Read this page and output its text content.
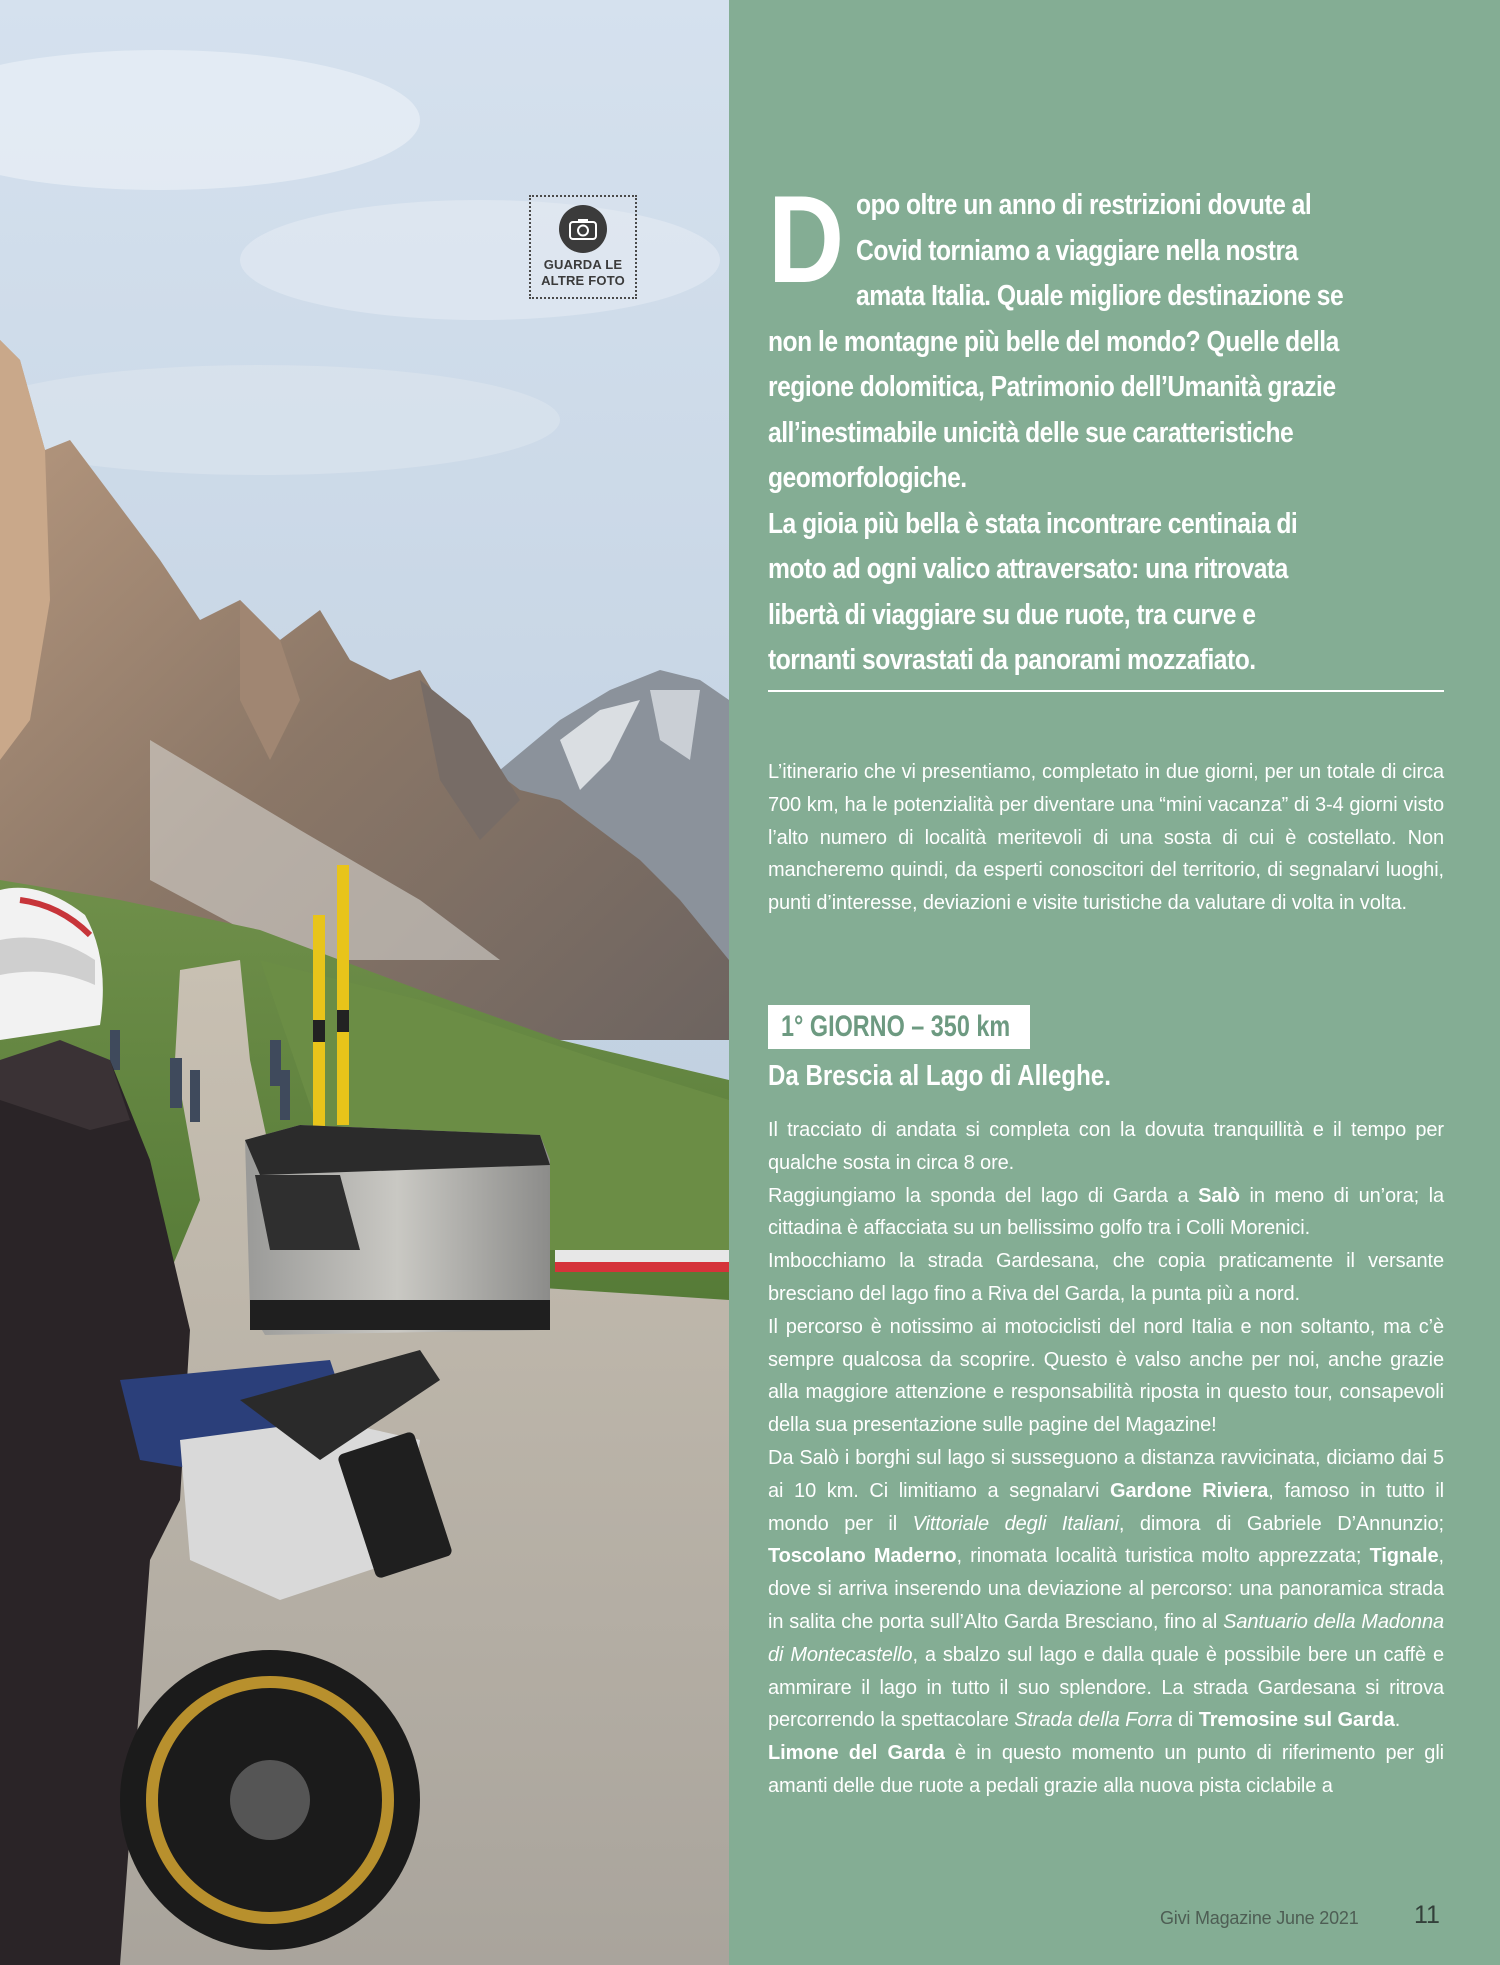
GUARDA LE
ALTRE FOTO Dopo oltre un anno di restrizioni dovute al Covid torniamo a viaggiare nella nostra amata Italia. Quale migliore destinazione se non le montagne più belle del mondo? Quelle della regione dolomitica, Patrimonio dell’Umanità grazie all’inestimabile unicità delle sue caratteristiche geomorfologiche.

La gioia più bella è stata incontrare centinaia di moto ad ogni valico attraversato: una ritrovata libertà di viaggiare su due ruote, tra curve e tornanti sovrastati da panorami mozzafiato.

L’itinerario che vi presentiamo, completato in due giorni, per un totale di circa 700 km, ha le potenzialità per diventare una “mini vacanza” di 3-4 giorni visto l’alto numero di località meritevoli di una sosta di cui è costellato. Non mancheremo quindi, da esperti conoscitori del territorio, di segnalarvi luoghi, punti d’interesse, deviazioni e visite turistiche da valutare di volta in volta.

1° GIORNO – 350 km
Da Brescia al Lago di Alleghe.

Il tracciato di andata si completa con la dovuta tranquillità e il tempo per qualche sosta in circa 8 ore.

Raggiungiamo la sponda del lago di Garda a Salò in meno di un’ora; la cittadina è affacciata su un bellissimo golfo tra i Colli Morenici.

Imbocchiamo la strada Gardesana, che copia praticamente il versante bresciano del lago fino a Riva del Garda, la punta più a nord.

Il percorso è notissimo ai motociclisti del nord Italia e non soltanto, ma c’è sempre qualcosa da scoprire. Questo è valso anche per noi, anche grazie alla maggiore attenzione e responsabilità riposta in questo tour, consapevoli della sua presentazione sulle pagine del Magazine!

Da Salò i borghi sul lago si susseguono a distanza ravvicinata, diciamo dai 5 ai 10 km. Ci limitiamo a segnalarvi Gardone Riviera, famoso in tutto il mondo per il Vittoriale degli Italiani, dimora di Gabriele D’Annunzio; Toscolano Maderno, rinomata località turistica molto apprezzata; Tignale, dove si arriva inserendo una deviazione al percorso: una panoramica strada in salita che porta sull’Alto Garda Bresciano, fino al Santuario della Madonna di Montecastello, a sbalzo sul lago e dalla quale è possibile bere un caffè e ammirare il lago in tutto il suo splendore. La strada Gardesana si ritrova percorrendo la spettacolare Strada della Forra di Tremosine sul Garda.

Limone del Garda è in questo momento un punto di riferimento per gli amanti delle due ruote a pedali grazie alla nuova pista ciclabile a

Givi Magazine June 2021 11
